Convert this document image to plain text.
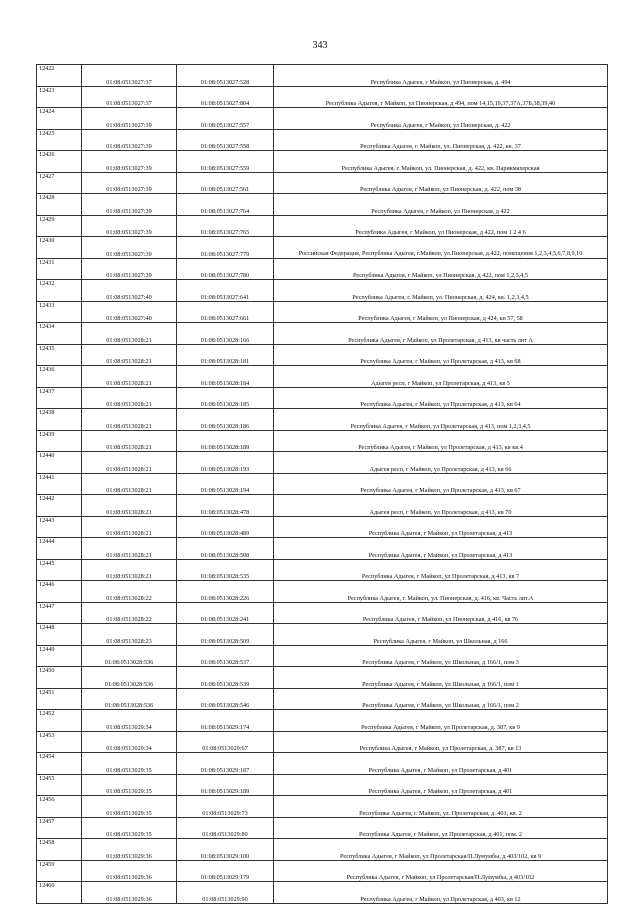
343
12422	01:08:0513027:37	01:08:0513027:528	Республика Адыгея, г Майкоп, ул Пионерская, д. 494
12423	01:08:0513027:37	01:08:0513027:804	Республика Адыгея, г Майкоп, ул Пионерская, д 494, пом 14,15,19,37,37А,37Б,38,39,40
12424	01:08:0513027:39	01:08:0513027:557	Республика Адыгея, г Майкоп, ул Пионерская, д. 422
12425	01:08:0513027:39	01:08:0513027:558	Республика Адыгея, г. Майкоп, ул. Пионерская, д. 422, кв. 37
12426	01:08:0513027:39	01:08:0513027:559	Республика Адыгея, г. Майкоп, ул. Пионерская, д. 422, кв. Парикмахерская
12427	01:08:0513027:39	01:08:0513027:561	Республика Адыгея, г Майкоп, ул Пионерская, д. 422, пом 38
12428	01:08:0513027:39	01:08:0513027:764	Республика Адыгея, г Майкоп, ул Пионерская, д 422
12429	01:08:0513027:39	01:08:0513027:765	Республика Адыгея, г Майкоп, ул Пионерская, д 422, пом 1 2 4 6
12430	01:08:0513027:39	01:08:0513027:779	Российская Федерация, Республика Адыгея, г.Майкоп, ул.Пионерская, д.422, помещения 1,2,3,4,5,6,7,8,9,10
12431	01:08:0513027:39	01:08:0513027:780	Республика Адыгея, г Майкоп, ул Пионерская, д 422, пом 1,2,3,4,5
12432	01:08:0513027:40	01:08:0513027:641	Республика Адыгея, г. Майкоп, ул. Пионерская, д. 424, кв. 1,2,3,4,5
12433	01:08:0513027:40	01:08:0513027:661	Республика Адыгея, г Майкоп, ул Пионерская, д 424, кв 57, 58
12434	01:08:0513028:21	01:08:0513028:166	Республика Адыгея, г Майкоп, ул Пролетарская, д 413, кв часть лит А
12435	01:08:0513028:21	01:08:0513028:181	Республика Адыгея, г Майкоп, ул Пролетарская, д 413, кв 68
12436	01:08:0513028:21	01:08:0513028:184	Адыгея респ, г Майкоп, ул Пролетарская, д 413, кв 5
12437	01:08:0513028:21	01:08:0513028:185	Республика Адыгея, г Майкоп, ул Пролетарская, д 413, кв 64
12438	01:08:0513028:21	01:08:0513028:186	Республика Адыгея, г Майкоп, ул Пролетарская, д 413, пом 1,2,3,4,5
12439	01:08:0513028:21	01:08:0513028:189	Республика Адыгея, г Майкоп, ул Пролетарская, д 413, кв кв.4
12440	01:08:0513028:21	01:08:0513028:193	Адыгея респ, г Майкоп, ул Пролетарская, д 413, кв 66
12441	01:08:0513028:21	01:08:0513028:194	Республика Адыгея, г Майкоп, ул Пролетарская, д 413, кв 67
12442	01:08:0513028:21	01:08:0513028:478	Адыгея респ, г Майкоп, ул Пролетарская, д 413, кв 70
12443	01:08:0513028:21	01:08:0513028:489	Республика Адыгея, г Майкоп, ул Пролетарская, д 413
12444	01:08:0513028:21	01:08:0513028:508	Республика Адыгея, г Майкоп, ул Пролетарская, д 413
12445	01:08:0513028:21	01:08:0513028:535	Республика Адыгея, г Майкоп, ул Пролетарская, д 413, кв 7
12446	01:08:0513028:22	01:08:0513028:226	Республика Адыгея, г. Майкоп, ул. Пионерская, д. 416, кв. Часть лит.А
12447	01:08:0513028:22	01:08:0513028:241	Республика Адыгея, г Майкоп, ул Пионерская, д 416, кв 76
12448	01:08:0513028:23	01:08:0513028:509	Республика Адыгея, г Майкоп, ул Школьная, д 166
12449	01:08:0513028:536	01:08:0513028:537	Республика Адыгея, г Майкоп, ул Школьная, д 166/1, пом 3
12450	01:08:0513028:536	01:08:0513028:539	Республика Адыгея, г Майкоп, ул Школьная, д 166/1, пом 1
12451	01:08:0513028:536	01:08:0513028:546	Республика Адыгея, г Майкоп, ул Школьная, д 166/1, пом 2
12452	01:08:0513029:34	01:08:0513029:174	Республика Адыгея, г Майкоп, ул Пролетарская, д. 387, кв 9
12453	01:08:0513029:34	01:08:0513029:67	Республика Адыгея, г Майкоп, ул Пролетарская, д. 387, кв 13
12454	01:08:0513029:35	01:08:0513029:187	Республика Адыгея, г Майкоп, ул Пролетарская, д 401
12455	01:08:0513029:35	01:08:0513029:189	Республика Адыгея, г Майкоп, ул Пролетарская, д 401
12456	01:08:0513029:35	01:08:0513029:73	Республика Адыгея, г. Майкоп, ул. Пролетарская, д. 401, кв. 2
12457	01:08:0513029:35	01:08:0513029:80	Республика Адыгея, г Майкоп, ул Пролетарская, д 401, пом. 2
12458	01:08:0513029:36	01:08:0513029:100	Республика Адыгея, г Майкоп, ул Пролетарская/П.Лумумбы, д 403/102, кв 9
12459	01:08:0513029:36	01:08:0513029:179	Республика Адыгея, г Майкоп, ул Пролетарская/П.Лумумбы, д 403/102
12460	01:08:0513029:36	01:08:0513029:90	Республика Адыгея, г Майкоп, ул Пролетарская, д 403, кв 12
